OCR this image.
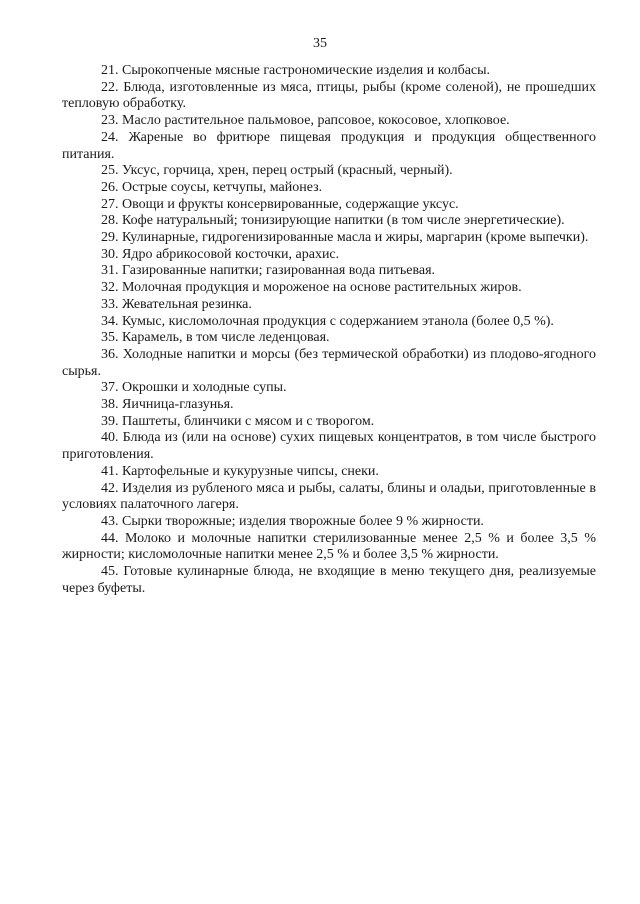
35

21. Сырокопченые мясные гастрономические изделия и колбасы.

22. Блюда, изготовленные из мяса, птицы, рыбы (кроме соленой), не прошедших тепловую обработку.

23. Масло растительное пальмовое, рапсовое, кокосовое, хлопковое.

24. Жареные во фритюре пищевая продукция и продукция общественного питания.

25. Уксус, горчица, хрен, перец острый (красный, черный).

26. Острые соусы, кетчупы, майонез.

27. Овощи и фрукты консервированные, содержащие уксус.

28. Кофе натуральный; тонизирующие напитки (в том числе энергетические).

29. Кулинарные, гидрогенизированные масла и жиры, маргарин (кроме выпечки).

30. Ядро абрикосовой косточки, арахис.

31. Газированные напитки; газированная вода питьевая.

32. Молочная продукция и мороженое на основе растительных жиров.

33. Жевательная резинка.

34. Кумыс, кисломолочная продукция с содержанием этанола (более 0,5 %).

35. Карамель, в том числе леденцовая.

36. Холодные напитки и морсы (без термической обработки) из плодово-ягодного сырья.

37. Окрошки и холодные супы.

38. Яичница-глазунья.

39. Паштеты, блинчики с мясом и с творогом.

40. Блюда из (или на основе) сухих пищевых концентратов, в том числе быстрого приготовления.

41. Картофельные и кукурузные чипсы, снеки.

42. Изделия из рубленого мяса и рыбы, салаты, блины и оладьи, приготовленные в условиях палаточного лагеря.

43. Сырки творожные; изделия творожные более 9 % жирности.

44. Молоко и молочные напитки стерилизованные менее 2,5 % и более 3,5 % жирности; кисломолочные напитки менее 2,5 % и более 3,5 % жирности.

45. Готовые кулинарные блюда, не входящие в меню текущего дня, реализуемые через буфеты.
